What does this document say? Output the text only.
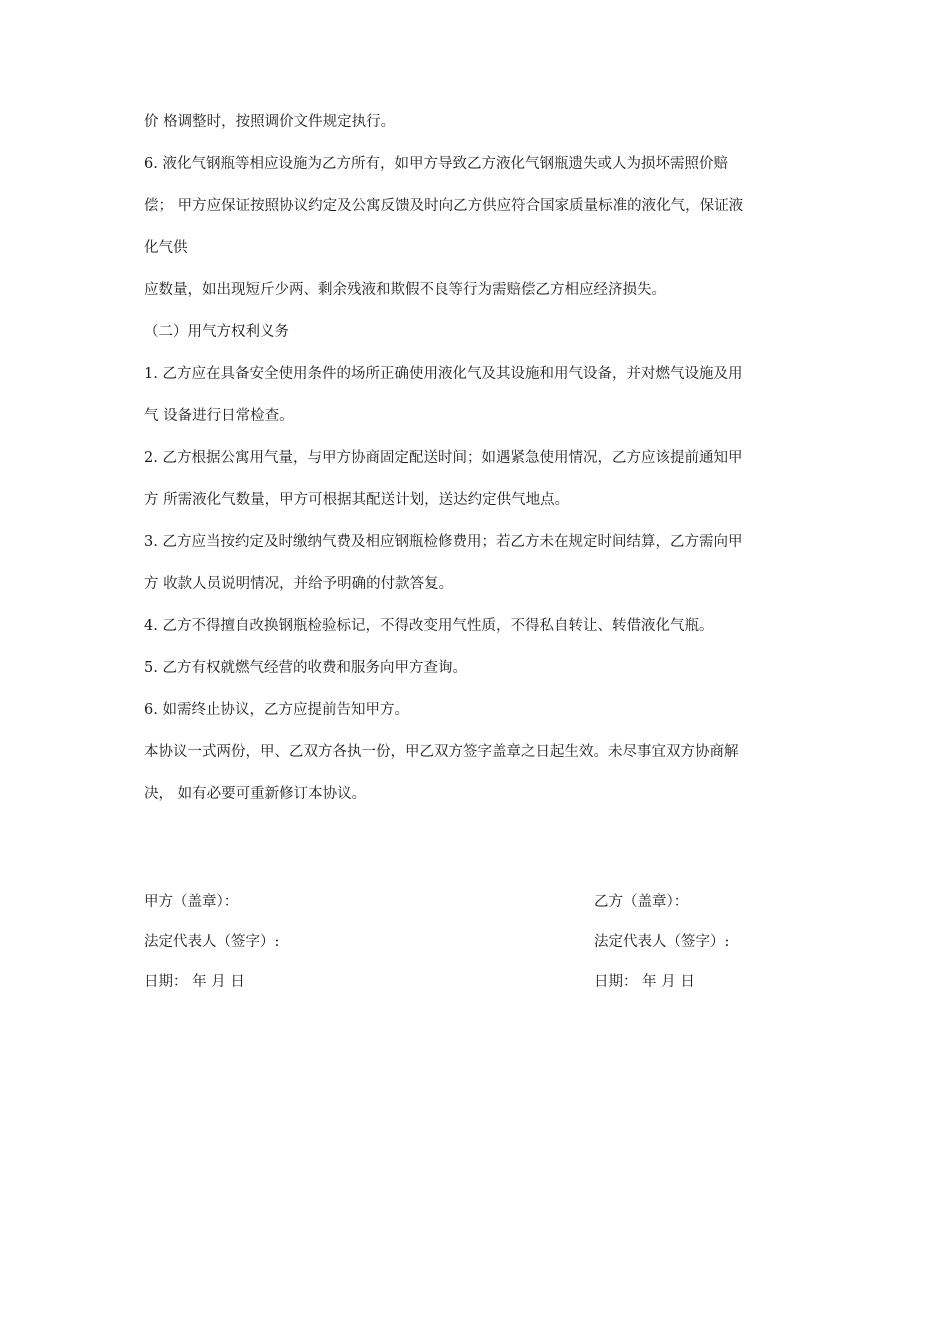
价 格调整时，按照调价文件规定执行。
6. 液化气钢瓶等相应设施为乙方所有，如甲方导致乙方液化气钢瓶遗失或人为损坏需照价赔
偿； 甲方应保证按照协议约定及公寓反馈及时向乙方供应符合国家质量标准的液化气，保证液
化气供
应数量，如出现短斤少两、剩余残液和欺假不良等行为需赔偿乙方相应经济损失。
（二）用气方权利义务
1. 乙方应在具备安全使用条件的场所正确使用液化气及其设施和用气设备，并对燃气设施及用
气 设备进行日常检查。
2. 乙方根据公寓用气量，与甲方协商固定配送时间；如遇紧急使用情况，乙方应该提前通知甲
方 所需液化气数量，甲方可根据其配送计划，送达约定供气地点。
3. 乙方应当按约定及时缴纳气费及相应钢瓶检修费用；若乙方未在规定时间结算，乙方需向甲
方 收款人员说明情况，并给予明确的付款答复。
4. 乙方不得擅自改换钢瓶检验标记，不得改变用气性质，不得私自转让、转借液化气瓶。
5. 乙方有权就燃气经营的收费和服务向甲方查询。
6. 如需终止协议，乙方应提前告知甲方。
本协议一式两份，甲、乙双方各执一份，甲乙双方签字盖章之日起生效。未尽事宜双方协商解
决， 如有必要可重新修订本协议。
甲方（盖章）：
法定代表人（签字）:
日期： 年 月 日
乙方（盖章）：
法定代表人（签字）:
日期： 年 月 日
